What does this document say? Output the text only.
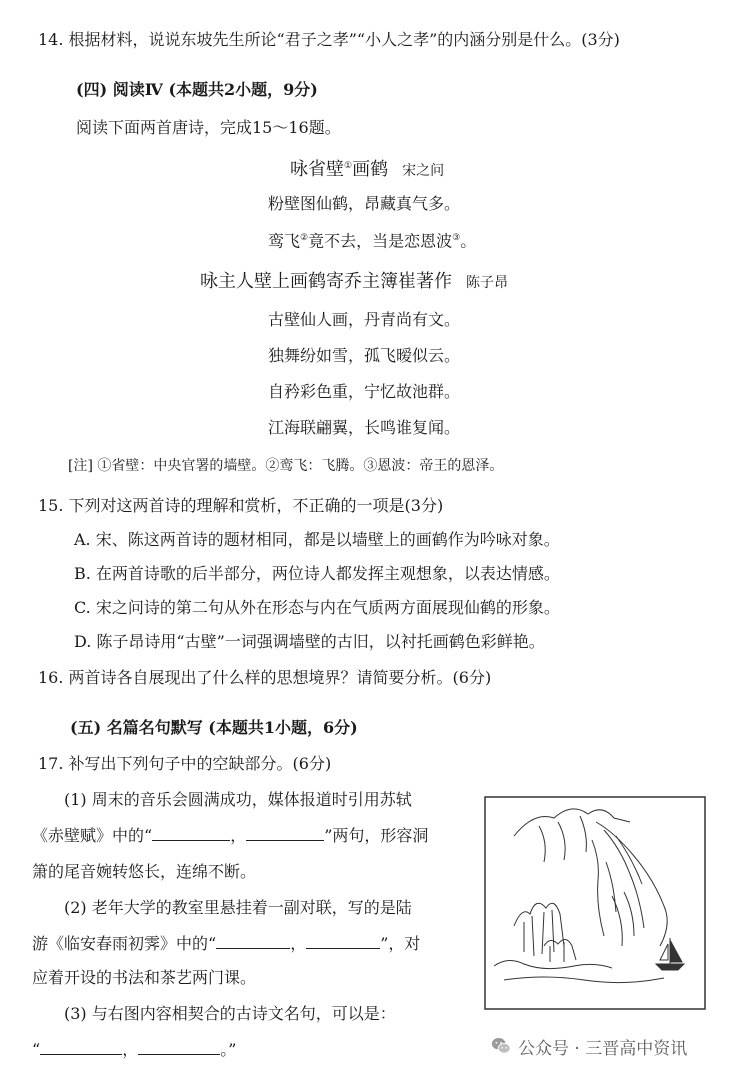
14. 根据材料，说说东坡先生所论“君子之孝”“小人之孝”的内涵分别是什么。(3分)
(四) 阅读Ⅳ (本题共2小题，9分)
阅读下面两首唐诗，完成15～16题。
咏省壁①画鹤 宋之问
粉壁图仙鹤，昂藏真气多。
鸾飞②竟不去，当是恋恩波③。
咏主人壁上画鹤寄乔主簿崔著作 陈子昂
古壁仙人画，丹青尚有文。
独舞纷如雪，孤飞暧似云。
自矜彩色重，宁忆故池群。
江海联翩翼，长鸣谁复闻。
[注] ①省壁：中央官署的墙壁。②鸾飞：飞腾。③恩波：帝王的恩泽。
15. 下列对这两首诗的理解和赏析，不正确的一项是(3分)
A. 宋、陈这两首诗的题材相同，都是以墙壁上的画鹤作为吟咏对象。
B. 在两首诗歌的后半部分，两位诗人都发挥主观想象，以表达情感。
C. 宋之问诗的第二句从外在形态与内在气质两方面展现仙鹤的形象。
D. 陈子昂诗用“古壁”一词强调墙壁的古旧，以衬托画鹤色彩鲜艳。
16. 两首诗各自展现出了什么样的思想境界？请简要分析。(6分)
(五) 名篇名句默写 (本题共1小题，6分)
17. 补写出下列句子中的空缺部分。(6分)
(1) 周末的音乐会圆满成功，媒体报道时引用苏轼
《赤壁赋》中的“	，	”两句，形容洞
箫的尾音婉转悠长，连绵不断。
(2) 老年大学的教室里悬挂着一副对联，写的是陆
游《临安春雨初霁》中的“	，	”，对
应着开设的书法和茶艺两门课。
(3) 与右图内容相契合的古诗文名句，可以是：
“	，	。”	公众号 · 三晋高中资讯
